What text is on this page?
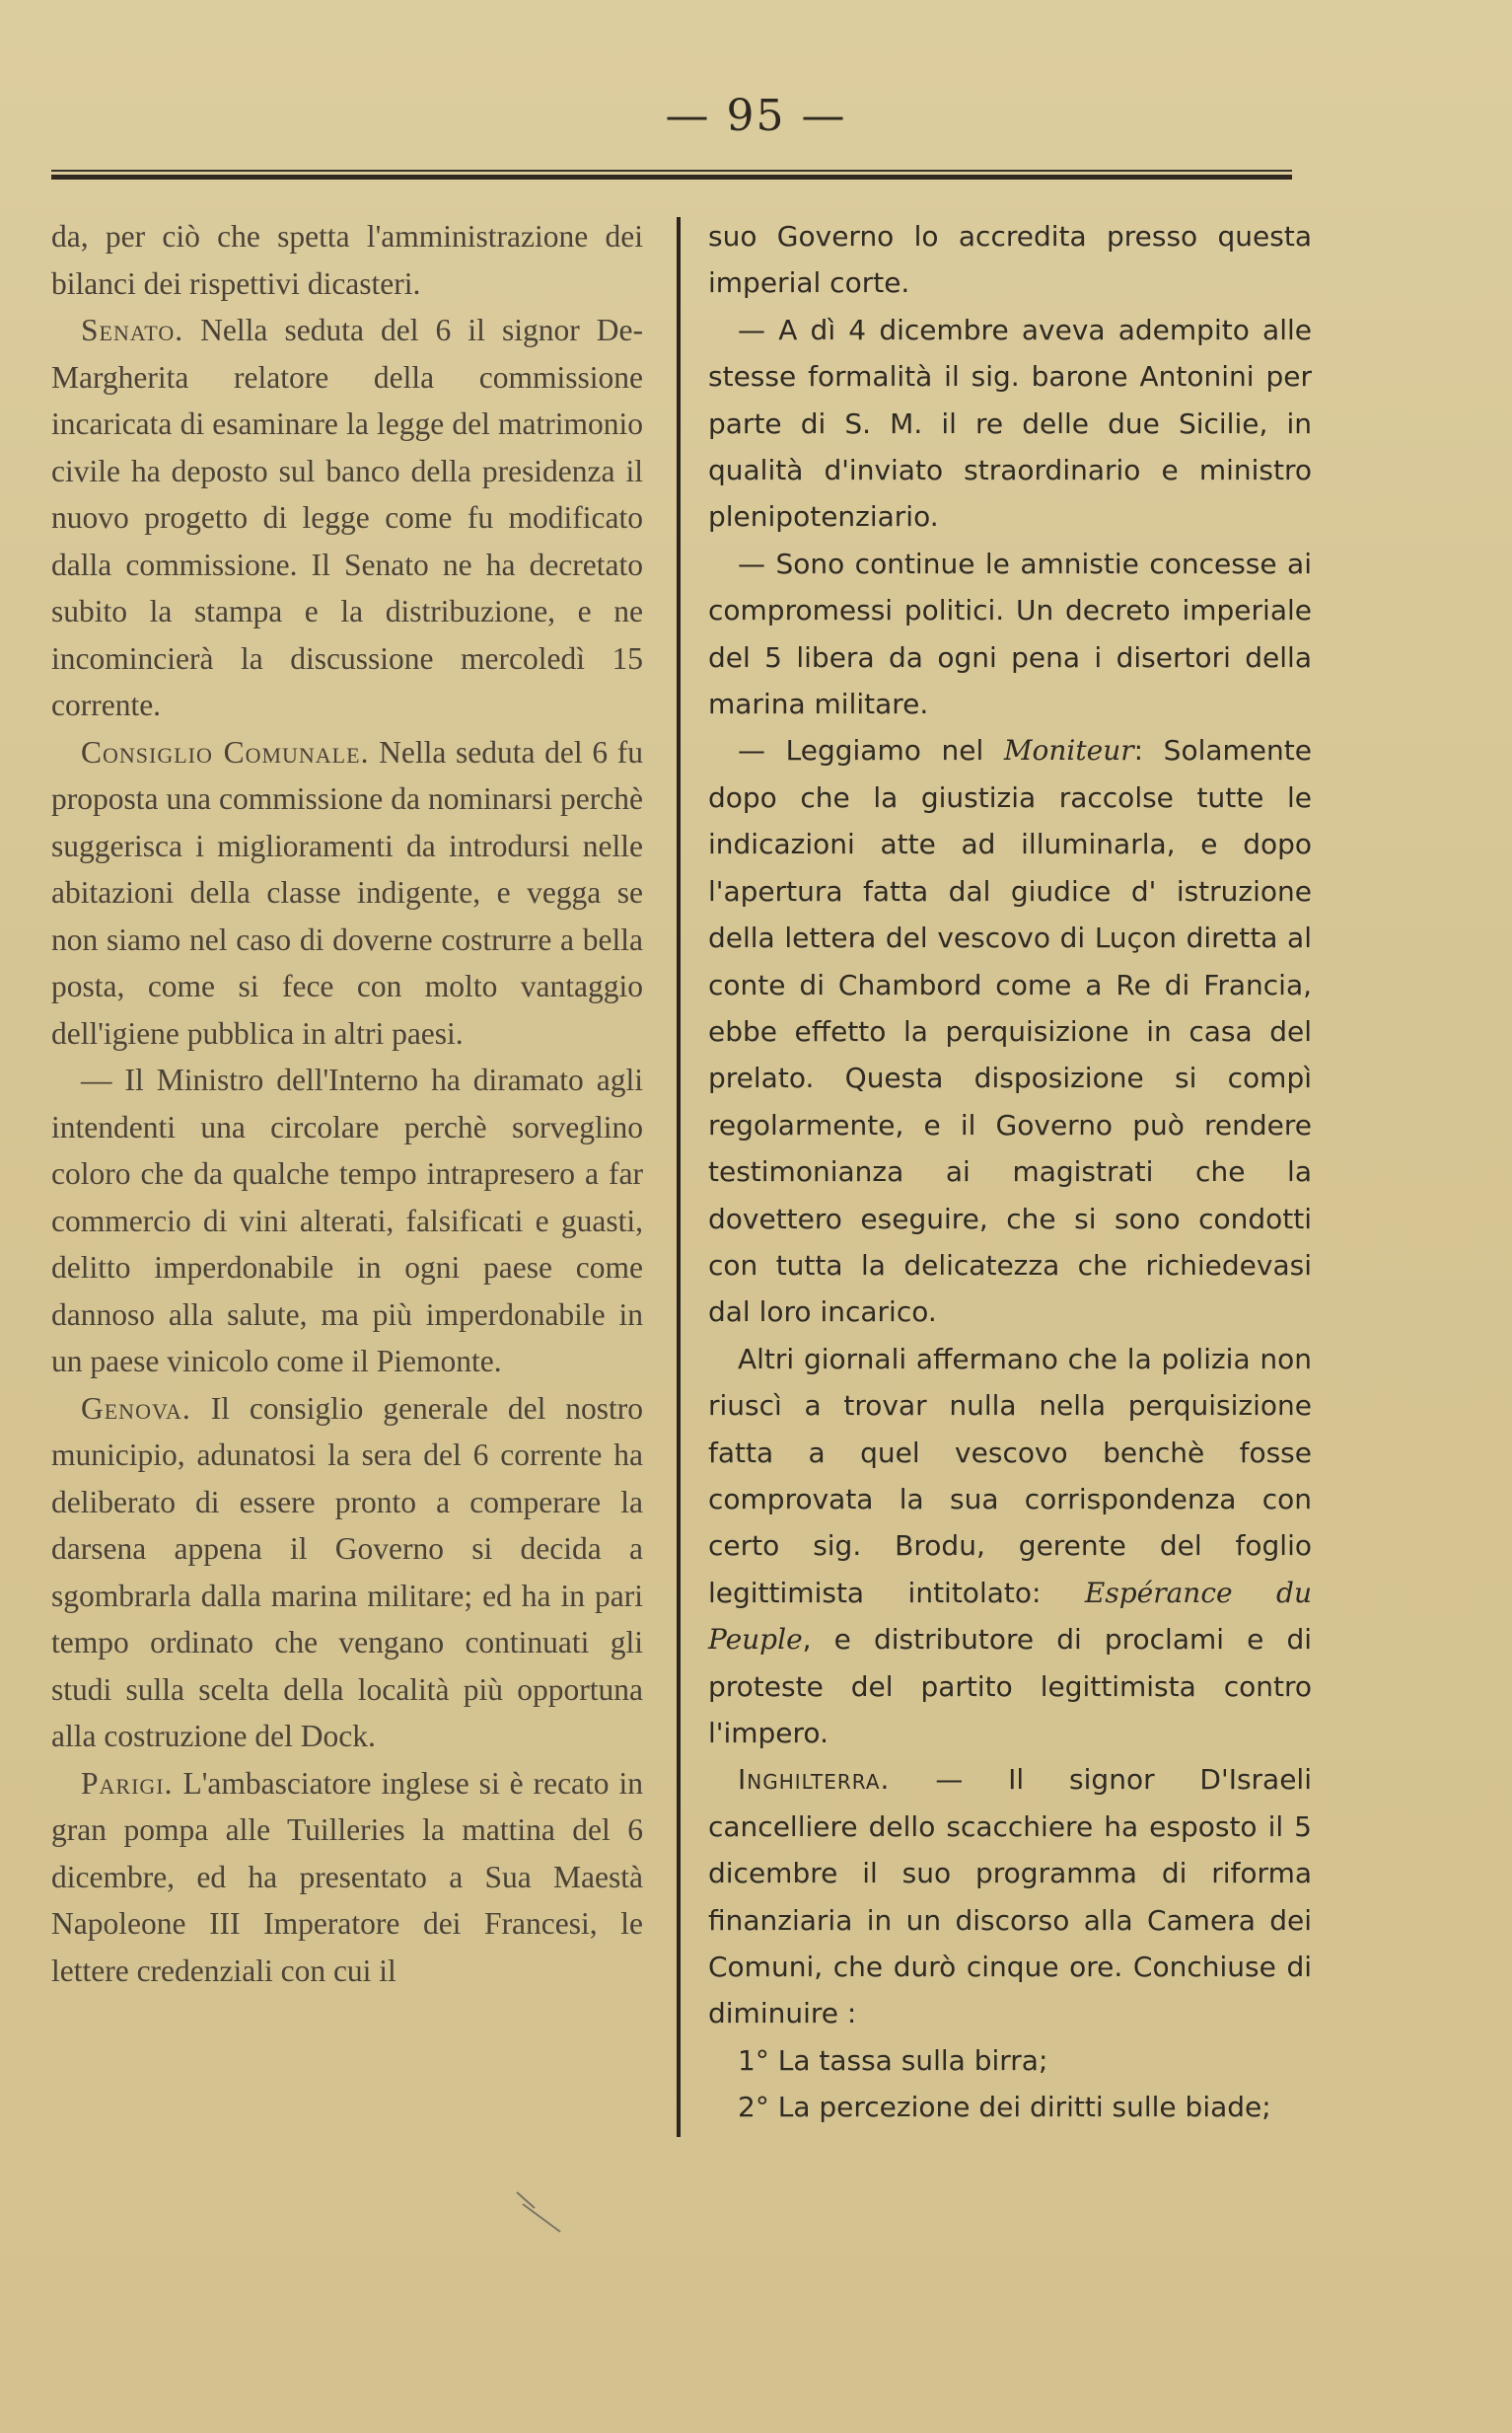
— 95 —

da, per ciò che spetta l'amministrazione dei bilanci dei rispettivi dicasteri.

Senato. Nella seduta del 6 il signor De-Margherita relatore della commissione incaricata di esaminare la legge del matrimonio civile ha deposto sul banco della presidenza il nuovo progetto di legge come fu modificato dalla commissione. Il Senato ne ha decretato subito la stampa e la distribuzione, e ne incomincierà la discussione mercoledì 15 corrente.

Consiglio Comunale. Nella seduta del 6 fu proposta una commissione da nominarsi perchè suggerisca i miglioramenti da introdursi nelle abitazioni della classe indigente, e vegga se non siamo nel caso di doverne costrurre a bella posta, come si fece con molto vantaggio dell'igiene pubblica in altri paesi.

— Il Ministro dell'Interno ha diramato agli intendenti una circolare perchè sorveglino coloro che da qualche tempo intrapresero a far commercio di vini alterati, falsificati e guasti, delitto imperdonabile in ogni paese come dannoso alla salute, ma più imperdonabile in un paese vinicolo come il Piemonte.

Genova. Il consiglio generale del nostro municipio, adunatosi la sera del 6 corrente ha deliberato di essere pronto a comperare la darsena appena il Governo si decida a sgombrarla dalla marina militare; ed ha in pari tempo ordinato che vengano continuati gli studi sulla scelta della località più opportuna alla costruzione del Dock.

Parigi. L'ambasciatore inglese si è recato in gran pompa alle Tuilleries la mattina del 6 dicembre, ed ha presentato a Sua Maestà Napoleone III Imperatore dei Francesi, le lettere credenziali con cui il

suo Governo lo accredita presso questa imperial corte.

— A dì 4 dicembre aveva adempito alle stesse formalità il sig. barone Antonini per parte di S. M. il re delle due Sicilie, in qualità d'inviato straordinario e ministro plenipotenziario.

— Sono continue le amnistie concesse ai compromessi politici. Un decreto imperiale del 5 libera da ogni pena i disertori della marina militare.

— Leggiamo nel Moniteur: Solamente dopo che la giustizia raccolse tutte le indicazioni atte ad illuminarla, e dopo l'apertura fatta dal giudice d' istruzione della lettera del vescovo di Luçon diretta al conte di Chambord come a Re di Francia, ebbe effetto la perquisizione in casa del prelato. Questa disposizione si compì regolarmente, e il Governo può rendere testimonianza ai magistrati che la dovettero eseguire, che si sono condotti con tutta la delicatezza che richiedevasi dal loro incarico.

Altri giornali affermano che la polizia non riuscì a trovar nulla nella perquisizione fatta a quel vescovo benchè fosse comprovata la sua corrispondenza con certo sig. Brodu, gerente del foglio legittimista intitolato: Espérance du Peuple, e distributore di proclami e di proteste del partito legittimista contro l'impero.

Inghilterra. — Il signor D'Israeli cancelliere dello scacchiere ha esposto il 5 dicembre il suo programma di riforma finanziaria in un discorso alla Camera dei Comuni, che durò cinque ore. Conchiuse di diminuire :

1° La tassa sulla birra;

2° La percezione dei diritti sulle biade;
